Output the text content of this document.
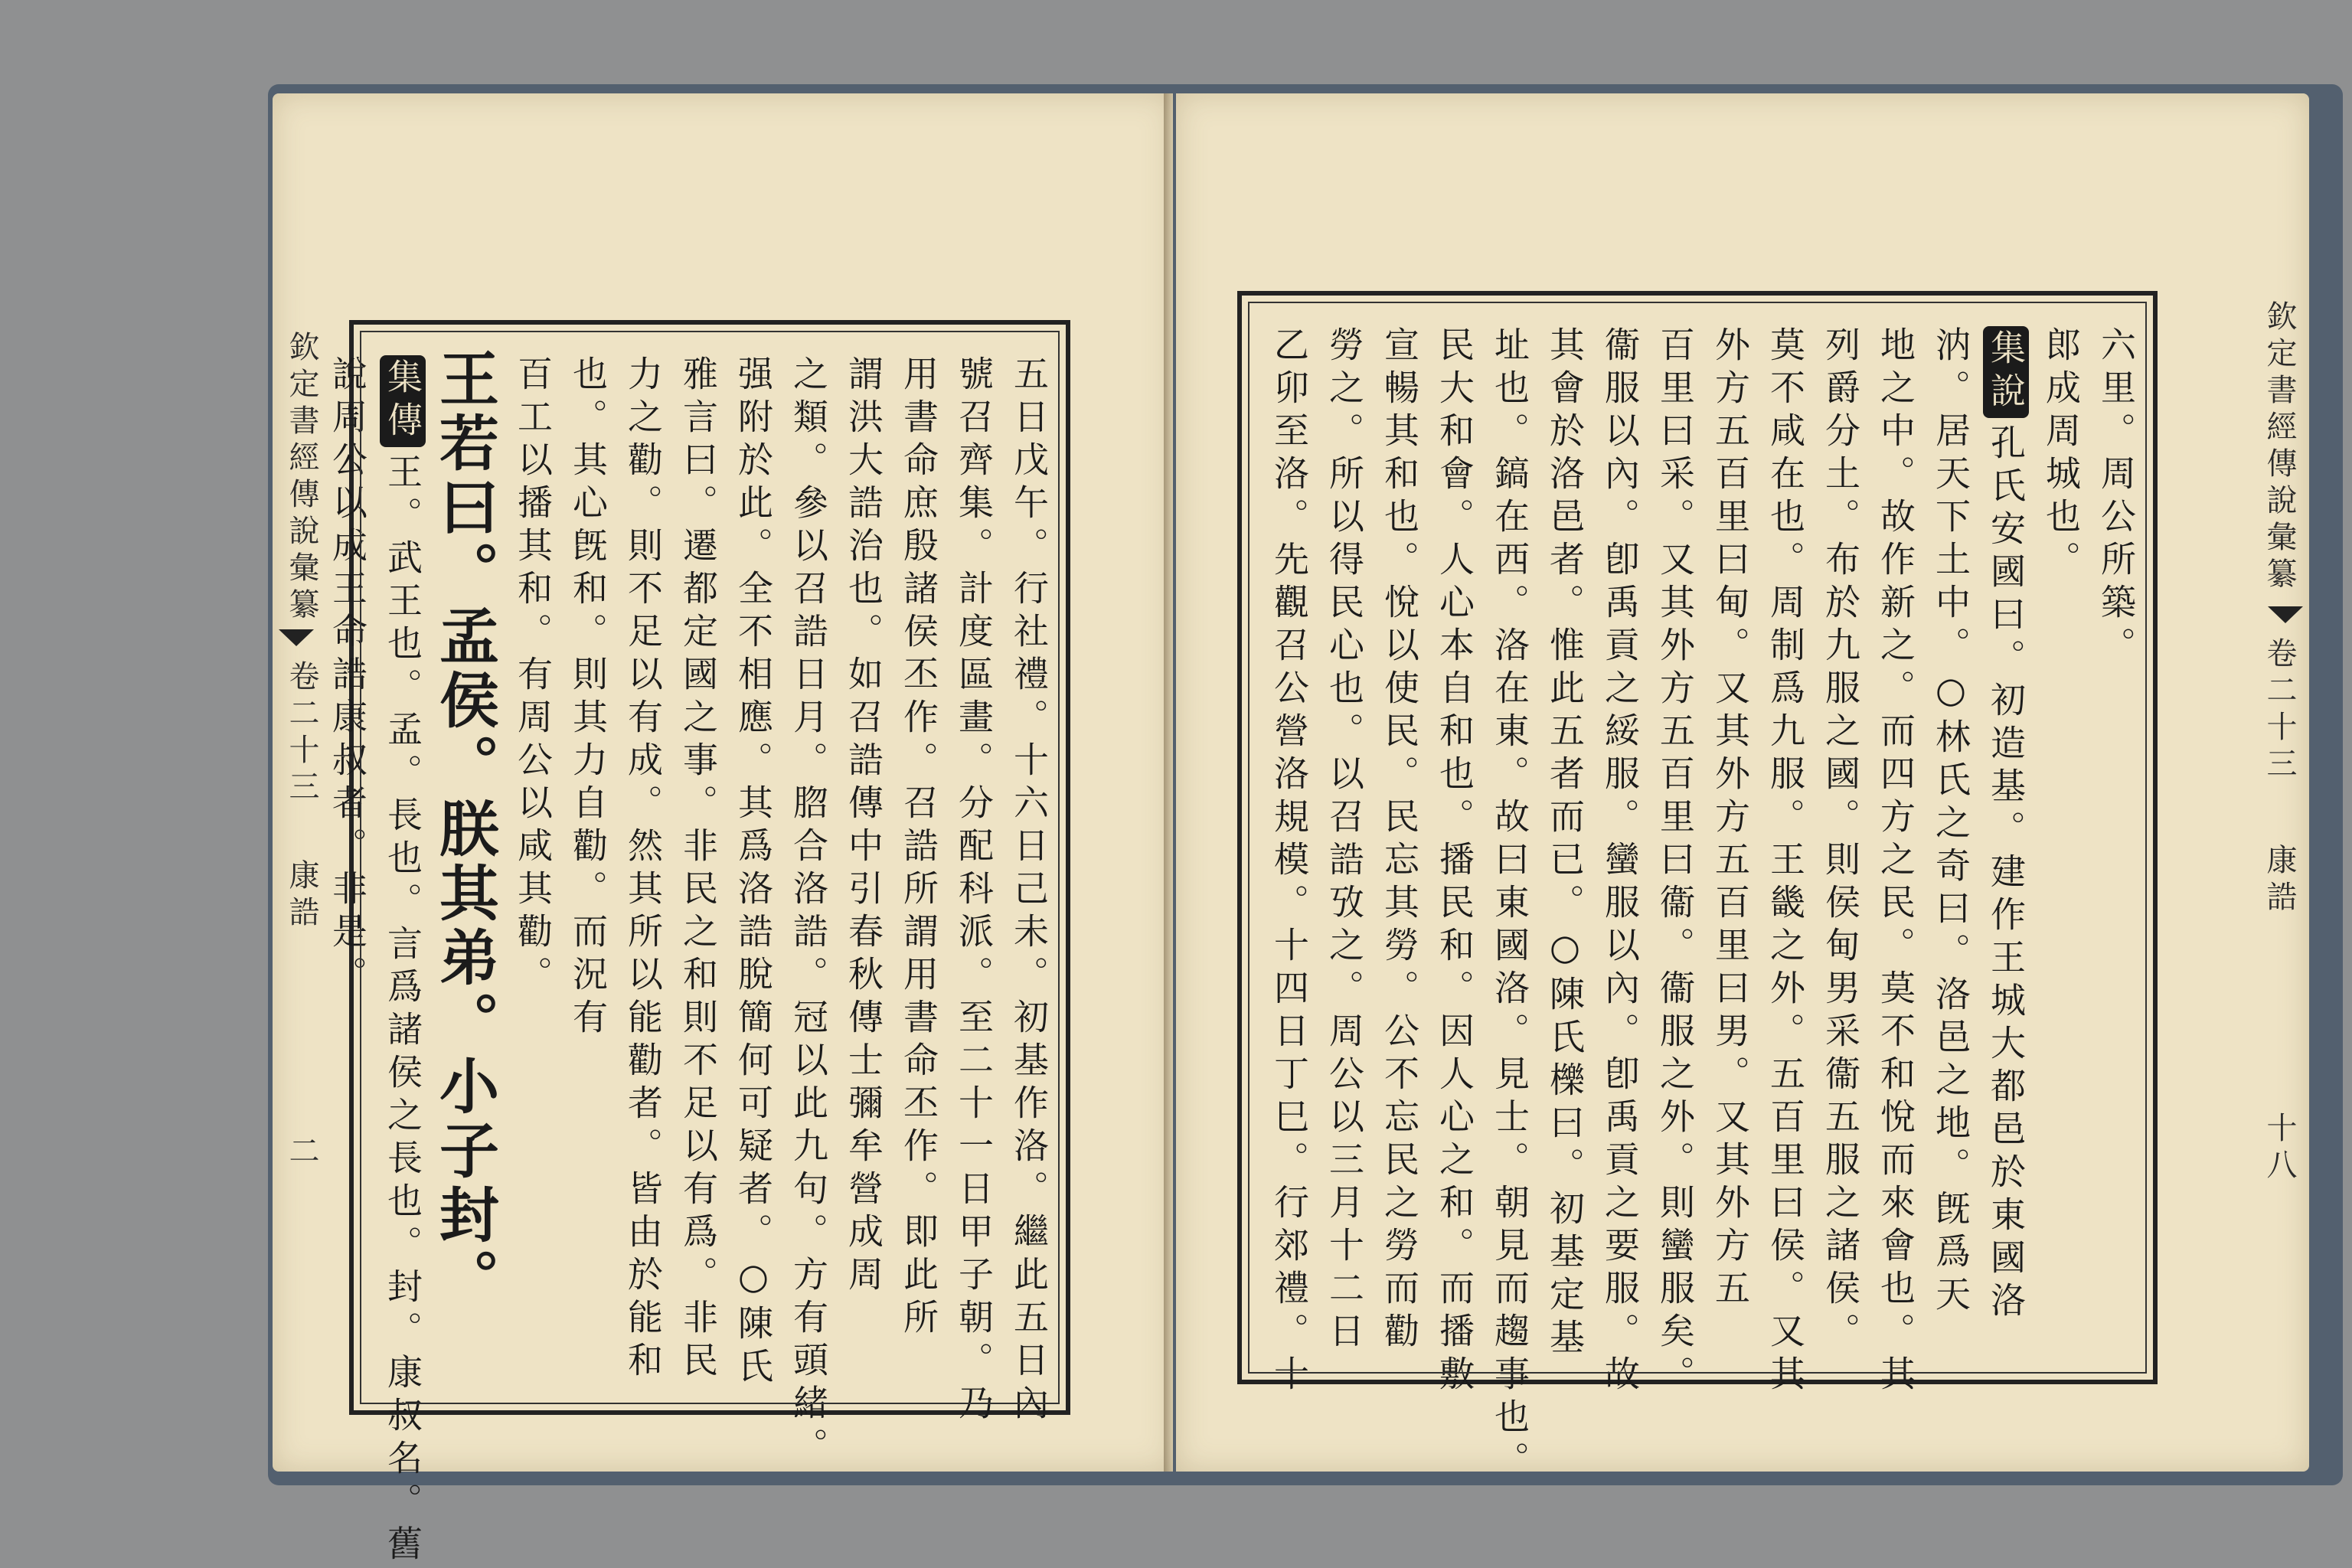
欽定書經傳說彙纂
卷二十三
康誥
二	五日戊午。行社禮。十六日己未。初基作洛。繼此五日內
號召齊集。計度區畫。分配科派。至二十一日甲子朝。乃
用書命庶殷諸侯丕作。召誥所謂用書命丕作。即此所
謂洪大誥治也。如召誥傳中引春秋傳士彌牟營成周
之類。參以召誥日月。脗合洛誥。冠以此九句。方有頭緒。
强附於此。全不相應。其爲洛誥脫簡何可疑者。○陳氏
雅言曰。遷都定國之事。非民之和則不足以有爲。非民
力之勸。則不足以有成。然其所以能勸者。皆由於能和
也。其心旣和。則其力自勸。而況有
百工以播其和。有周公以咸其勸。
王若曰。孟侯。朕其弟。小子封。
集傳王。武王也。孟。長也。言爲諸侯之長也。封。康叔名。舊
說周公以成王命誥康叔者。非是。	六里。周公所築。
郎成周城也。
集說孔氏安國曰。初造基。建作王城大都邑於東國洛
汭。居天下土中。○林氏之奇曰。洛邑之地。旣爲天
地之中。故作新之。而四方之民。莫不和悅而來會也。其
列爵分土。布於九服之國。則侯甸男采衞五服之諸侯。
莫不咸在也。周制爲九服。王畿之外。五百里曰侯。又其
外方五百里曰甸。又其外方五百里曰男。又其外方五
百里曰采。又其外方五百里曰衞。衞服之外。則蠻服矣。
衞服以內。卽禹貢之綏服。蠻服以內。卽禹貢之要服。故
其會於洛邑者。惟此五者而已。○陳氏櫟曰。初基定基
址也。鎬在西。洛在東。故曰東國洛。見士。朝見而趨事也。
民大和會。人心本自和也。播民和。因人心之和。而播敷
宣暢其和也。悅以使民。民忘其勞。公不忘民之勞而勸
勞之。所以得民心也。以召誥攷之。周公以三月十二日
乙卯至洛。先觀召公營洛規模。十四日丁巳。行郊禮。十	欽定書經傳說彙纂
卷二十三
康誥
十八
